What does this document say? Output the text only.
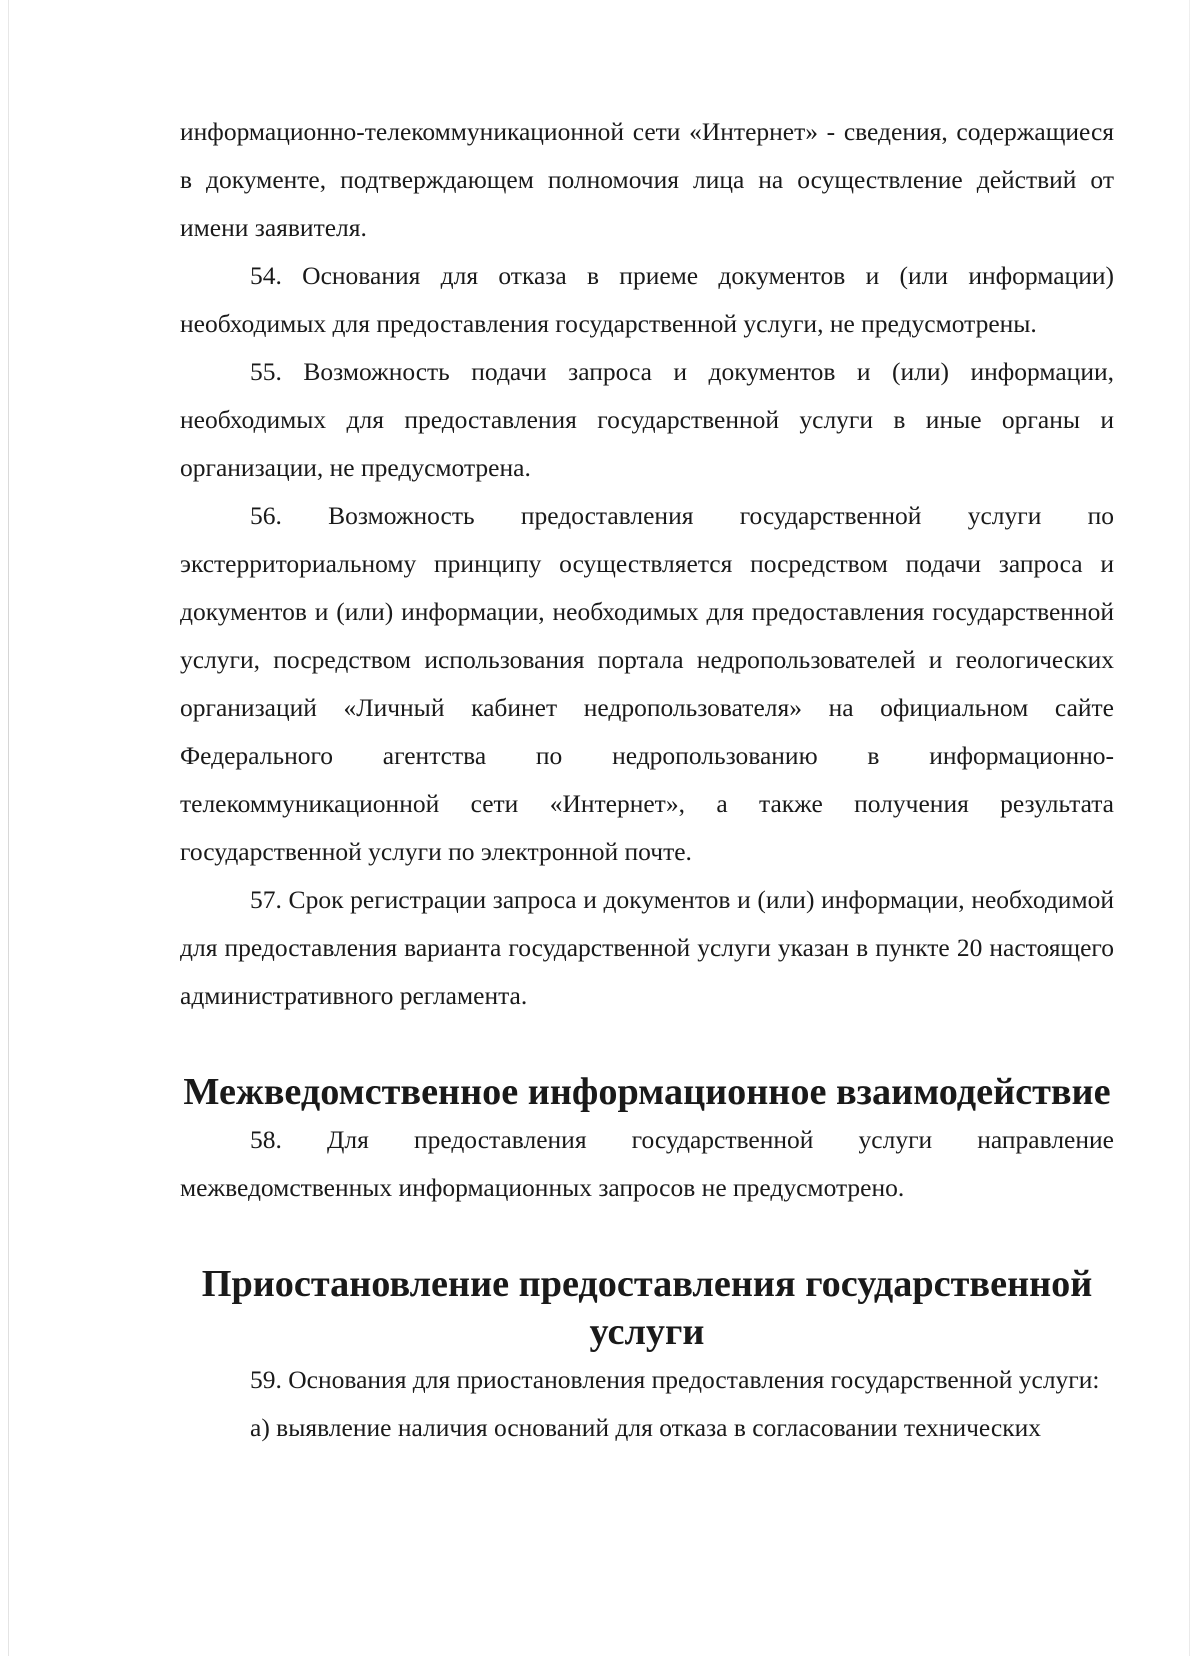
информационно-телекоммуникационной сети «Интернет» - сведения, содержащиеся в документе, подтверждающем полномочия лица на осуществление действий от имени заявителя.

54. Основания для отказа в приеме документов и (или информации) необходимых для предоставления государственной услуги, не предусмотрены.

55. Возможность подачи запроса и документов и (или) информации, необходимых для предоставления государственной услуги в иные органы и организации, не предусмотрена.

56. Возможность предоставления государственной услуги по экстерриториальному принципу осуществляется посредством подачи запроса и документов и (или) информации, необходимых для предоставления государственной услуги, посредством использования портала недропользователей и геологических организаций «Личный кабинет недропользователя» на официальном сайте Федерального агентства по недропользованию в информационно-телекоммуникационной сети «Интернет», а также получения результата государственной услуги по электронной почте.

57. Срок регистрации запроса и документов и (или) информации, необходимой для предоставления варианта государственной услуги указан в пункте 20 настоящего административного регламента.

Межведомственное информационное взаимодействие

58. Для предоставления государственной услуги направление межведомственных информационных запросов не предусмотрено.

Приостановление предоставления государственной услуги

59. Основания для приостановления предоставления государственной услуги:

а) выявление наличия оснований для отказа в согласовании технических
